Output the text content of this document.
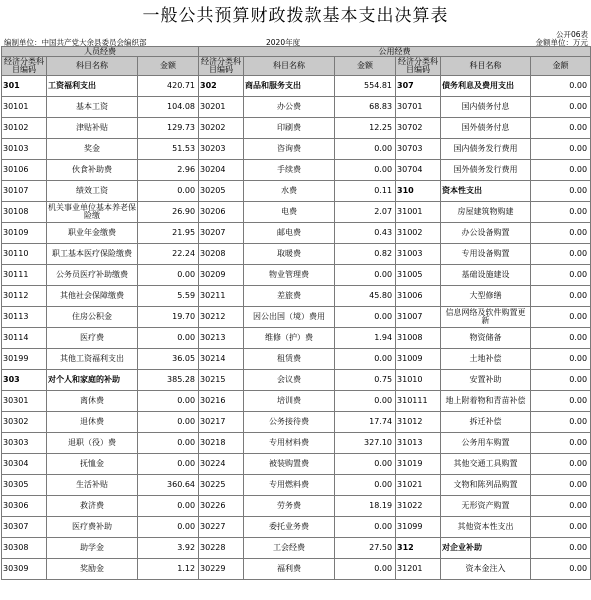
一般公共预算财政拨款基本支出决算表
公开06表
编制单位：中国共产党大余县委员会编织部	2020年度	金额单位：万元
人员经费			公用经费					
经济分类科目编码	科目名称	金额	经济分类科目编码	科目名称	金额	经济分类科目编码	科目名称	金额
301	工资福利支出	420.71	302	商品和服务支出	554.81	307	债务利息及费用支出	0.00
30101	基本工资	104.08	30201	办公费	68.83	30701	国内债务付息	0.00
30102	津贴补贴	129.73	30202	印刷费	12.25	30702	国外债务付息	0.00
30103	奖金	51.53	30203	咨询费	0.00	30703	国内债务发行费用	0.00
30106	伙食补助费	2.96	30204	手续费	0.00	30704	国外债务发行费用	0.00
30107	绩效工资	0.00	30205	水费	0.11	310	资本性支出	0.00
30108	机关事业单位基本养老保险缴	26.90	30206	电费	2.07	31001	房屋建筑物购建	0.00
30109	职业年金缴费	21.95	30207	邮电费	0.43	31002	办公设备购置	0.00
30110	职工基本医疗保险缴费	22.24	30208	取暖费	0.82	31003	专用设备购置	0.00
30111	公务员医疗补助缴费	0.00	30209	物业管理费	0.00	31005	基础设施建设	0.00
30112	其他社会保障缴费	5.59	30211	差旅费	45.80	31006	大型修缮	0.00
30113	住房公积金	19.70	30212	因公出国（境）费用	0.00	31007	信息网络及软件购置更新	0.00
30114	医疗费	0.00	30213	维修（护）费	1.94	31008	物资储备	0.00
30199	其他工资福利支出	36.05	30214	租赁费	0.00	31009	土地补偿	0.00
303	对个人和家庭的补助	385.28	30215	会议费	0.75	31010	安置补助	0.00
30301	离休费	0.00	30216	培训费	0.00	310111	地上附着物和青苗补偿	0.00
30302	退休费	0.00	30217	公务接待费	17.74	31012	拆迁补偿	0.00
30303	退职（役）费	0.00	30218	专用材料费	327.10	31013	公务用车购置	0.00
30304	抚恤金	0.00	30224	被装购置费	0.00	31019	其他交通工具购置	0.00
30305	生活补贴	360.64	30225	专用燃料费	0.00	31021	文物和陈列品购置	0.00
30306	救济费	0.00	30226	劳务费	18.19	31022	无形资产购置	0.00
30307	医疗费补助	0.00	30227	委托业务费	0.00	31099	其他资本性支出	0.00
30308	助学金	3.92	30228	工会经费	27.50	312	对企业补助	0.00
30309	奖励金	1.12	30229	福利费	0.00	31201	资本金注入	0.00
